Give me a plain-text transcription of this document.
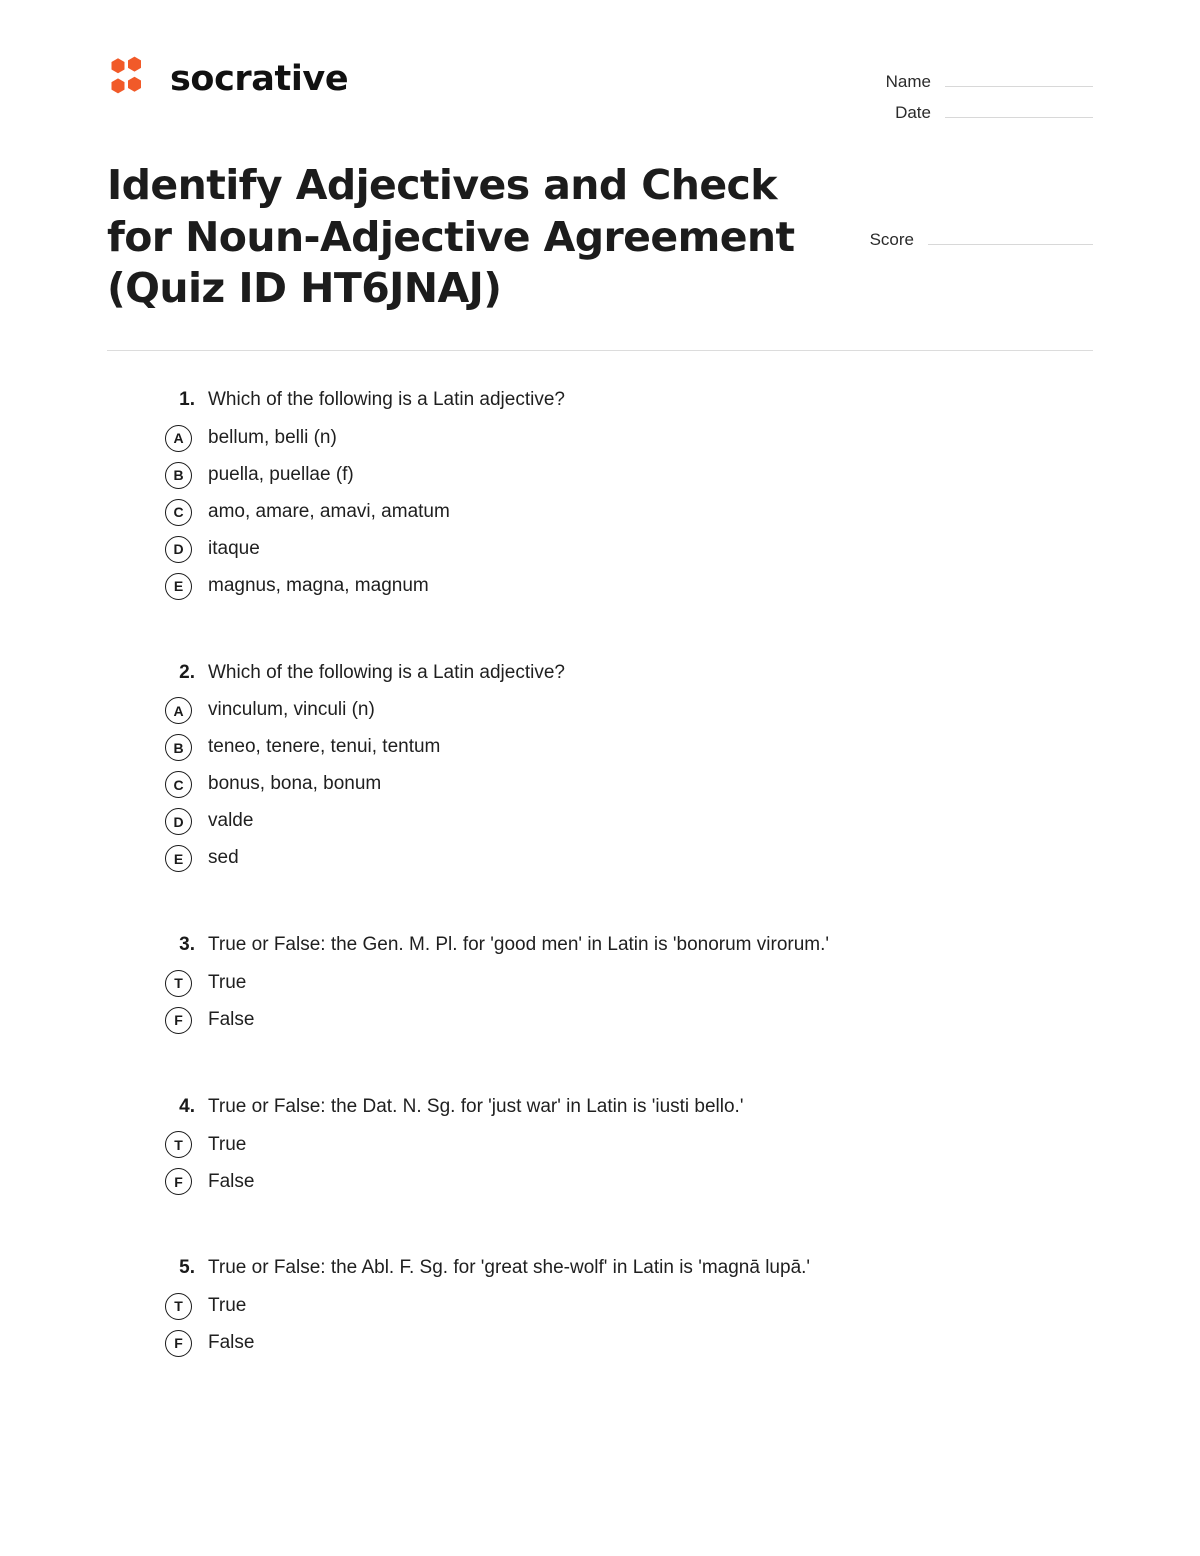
socrative	Name
Date
Identify Adjectives and Check for Noun-Adjective Agreement (Quiz ID HT6JNAJ)
Score
1. Which of the following is a Latin adjective?
A	bellum, belli (n)
B	puella, puellae (f)
C	amo, amare, amavi, amatum
D	itaque
E	magnus, magna, magnum
2. Which of the following is a Latin adjective?
A	vinculum, vinculi (n)
B	teneo, tenere, tenui, tentum
C	bonus, bona, bonum
D	valde
E	sed
3. True or False: the Gen. M. Pl. for 'good men' in Latin is 'bonorum virorum.'
T	True
F	False
4. True or False: the Dat. N. Sg. for 'just war' in Latin is 'iusti bello.'
T	True
F	False
5. True or False: the Abl. F. Sg. for 'great she-wolf' in Latin is 'magnā lupā.'
T	True
F	False
